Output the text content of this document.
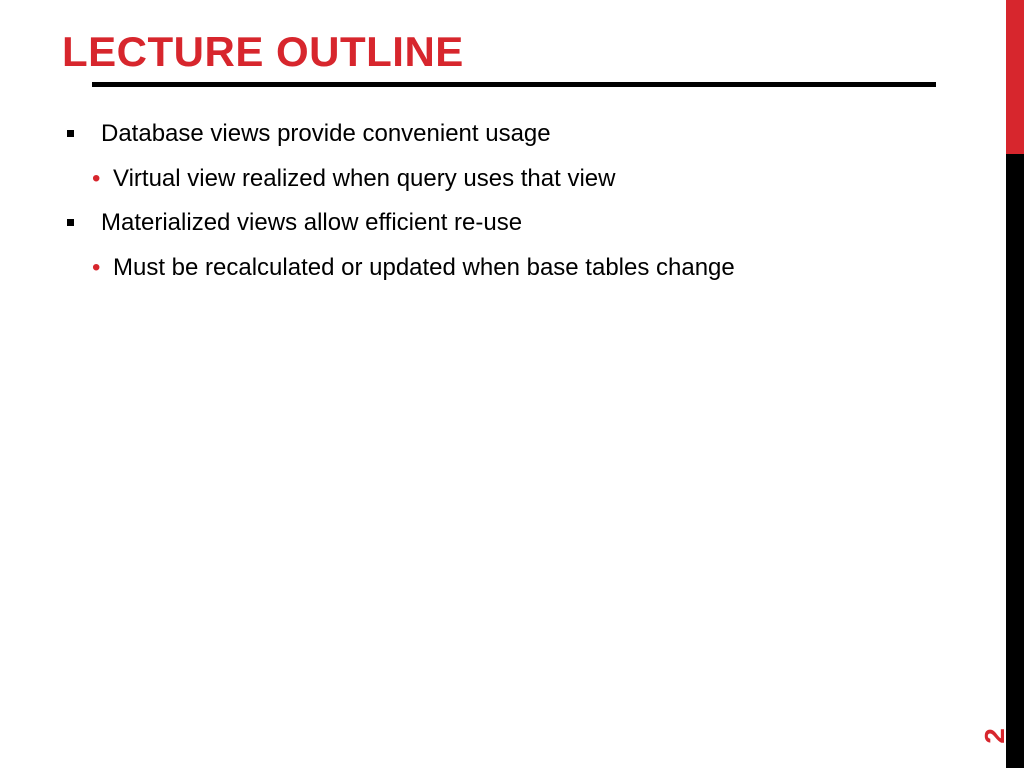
LECTURE OUTLINE
Database views provide convenient usage
• Virtual view realized when query uses that view
Materialized views allow efficient re-use
• Must be recalculated or updated when base tables change
2
